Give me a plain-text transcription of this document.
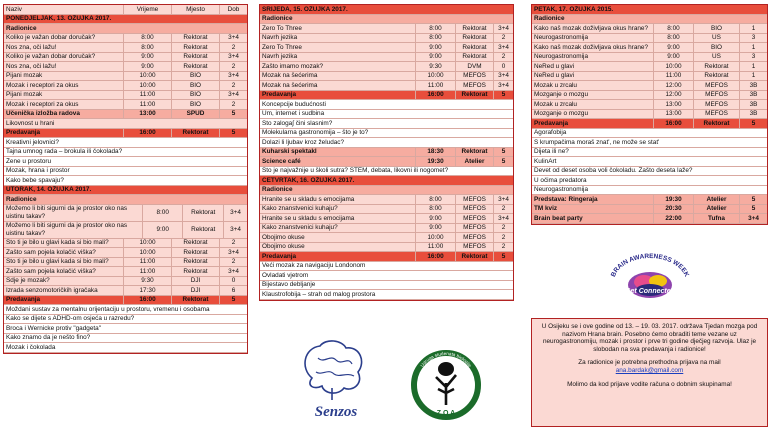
Naziv	Vrijeme	Mjesto	Dob
PONEDJELJAK, 13. OŽUJKA 2017.
Radionice
Koliko je važan dobar doručak?	8:00	Rektorat	3+4
Nos zna, oči lažu!	8:00	Rektorat	2
Koliko je važan dobar doručak?	9:00	Rektorat	3+4
Nos zna, oči lažu!	9:00	Rektorat	2
Pijani mozak	10:00	BIO	3+4
Mozak i receptori za okus	10:00	BIO	2
Pijani mozak	11:00	BIO	3+4
Mozak i receptori za okus	11:00	BIO	2
Učenička izložba radova	13:00	SPUD	5
Likovnost u hrani
Predavanja	16:00	Rektorat	5
Kreativni jelovnici?
Tajna umnog rada – brokula ili čokolada?
Žene u prostoru
Mozak, hrana i prostor
Kako bebe spavaju?
UTORAK, 14. OŽUJKA 2017.
Radionice
Možemo li biti sigurni da je prostor oko nas uistinu takav?	8:00	Rektorat	3+4
Možemo li biti sigurni da je prostor oko nas uistinu takav?	9:00	Rektorat	3+4
Što ti je bilo u glavi kada si bio mali?	10:00	Rektorat	2
Zašto sam pojela kolačić viška?	10:00	Rektorat	3+4
Što ti je bilo u glavi kada si bio mali?	11:00	Rektorat	2
Zašto sam pojela kolačić viška?	11:00	Rektorat	3+4
Sdje je mozak?	9:30	DJI	0
Izrada senzomotoričkih igračaka	17:30	DJI	6
Predavanja	16:00	Rektorat	5
Moždani sustav za mentalnu orijentaciju u prostoru, vremenu i osobama
Kako se dijete s ADHD-om osjeća u razredu?
Broca i Wernicke protiv "gadgeta"
Kako znamo da je nešto fino?
Mozak i čokolada
SRIJEDA, 15. OŽUJKA 2017.
Radionice
Zero To Three	8:00	Rektorat	3+4
Navrh jezika	8:00	Rektorat	2
Zero To Three	9:00	Rektorat	3+4
Navrh jezika	9:00	Rektorat	2
Zašto imamo mozak?	9:30	DVM	0
Mozak na šećerima	10:00	MEFOS	3+4
Mozak na šećerima	11:00	MEFOS	3+4
Predavanja	16:00	Rektorat	5
Koncepcije budućnosti
Um, internet i sudbina
Što zaloga∫ čini slasnim?
Molekularna gastronomija – što je to?
Dolazi li ljubav kroz želudac?
Kuharski spektakl	18:30	Rektorat	5
Science café	19:30	Atelier	5
Što je najvažnije u školi sutra? STEM, debata, likovni ili nogomet?
ČETVRTAK, 16. OŽUJKA 2017.
Radionice
Hranite se u skladu s emocijama	8:00	MEFOS	3+4
Kako znanstvenici kuhaju?	8:00	MEFOS	2
Hranite se u skladu s emocijama	9:00	MEFOS	3+4
Kako znanstvenici kuhaju?	9:00	MEFOS	2
Obojimo okuse	10:00	MEFOS	2
Obojimo okuse	11:00	MEFOS	2
Predavanja	16:00	Rektorat	5
Veći mozak za navigaciju Londonom
Ovladati vjetrom
Bijestavo debljanje
Klaustrofobija – strah od malog prostora
PETAK, 17. OŽUJKA 2015.
Radionice
Kako naš mozak doživljava okus hrane?	8:00	BIO	1
Neurogastronomija	8:00	UŠ	3
Kako naš mozak doživljava okus hrane?	9:00	BIO	1
Neurogastronomija	9:00	UŠ	3
NeRed u glavi	10:00	Rektorat	1
NeRed u glavi	11:00	Rektorat	1
Mozak u zrcalu	12:00	MEFOS	3B
Mozganje o mozgu	12:00	MEFOS	3B
Mozak u zrcalu	13:00	MEFOS	3B
Mozganje o mozgu	13:00	MEFOS	3B
Predavanja	16:00	Rektorat	5
Agorafobija
S krumpačima moraš znat', ne može se stat'
Dijeta ili ne?
KulinArt
Devet od deset osoba voli čokoladu. Zašto deseta laže?
U očima predatora
Neurogastronomija
Predstava: Ringeraja	19:30	Atelier	5
TM kviz	20:30	Atelier	5
Brain beat party	22:00	Tufna	3+4
BRAIN AWARENESS WEEK
Get Connected
Senzos
Udruga studenata biologije
Z O A

U Osijeku se i ove godine od 13. – 19. 03. 2017. održava Tjedan mozga pod nazivom Hrana brain. Posebno ćemo obraditi teme vezane uz neurogastronomiju, mozak i prostor i prve tri godine dječjeg razvoja. Ulaz je slobodan na sva predavanja i radionice!

Za radionice je potrebna prethodna prijava na mail
ana.bardak@gmail.com

Molimo da kod prijave vodite računa o dobnim skupinama!
